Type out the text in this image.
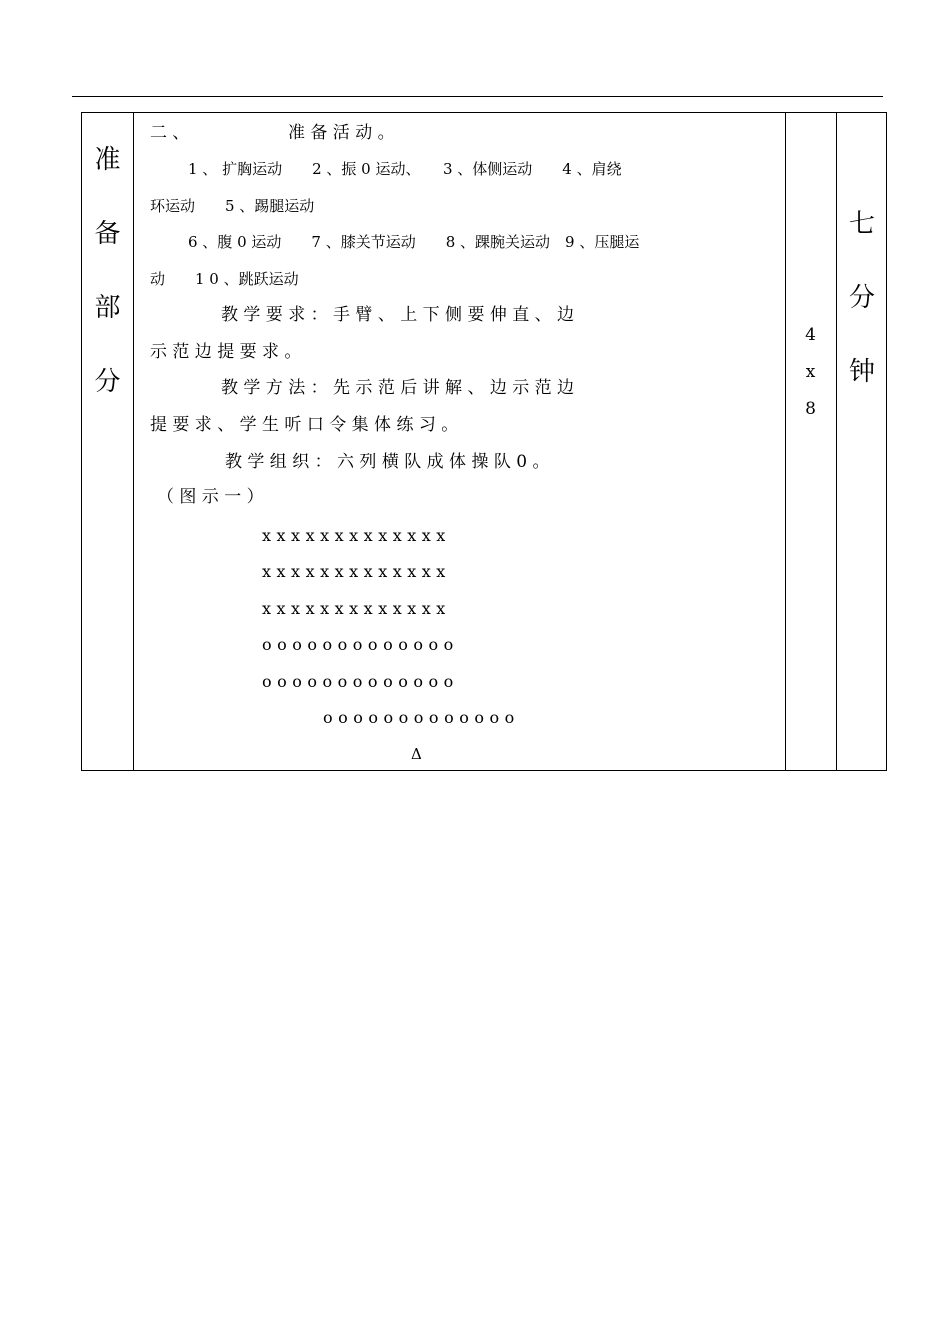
准
备
部
分
二 、	准 备 活 动 。
1 、 扩胸运动　　2 、振 0 运动、　　3 、体侧运动　　4 、肩绕
环运动　　5 、踢腿运动
6 、腹 0 运动　　7 、膝关节运动　　8 、踝腕关运动　9 、压腿运
动　　1 0 、跳跃运动
教 学 要 求 ： 手 臂 、 上 下 侧 要 伸 直 、 边
示 范 边 提 要 求 。
教 学 方 法 ： 先 示 范 后 讲 解 、 边 示 范 边
提 要 求 、 学 生 听 口 令 集 体 练 习 。
教 学 组 织 ： 六 列 横 队 成 体 操 队 0 。
（ 图 示 一 ）
xxxxxxxxxxxxx
xxxxxxxxxxxxx
xxxxxxxxxxxxx
ooooooooooooo
ooooooooooooo
ooooooooooooo
Δ
4
x
8
七
分
钟
